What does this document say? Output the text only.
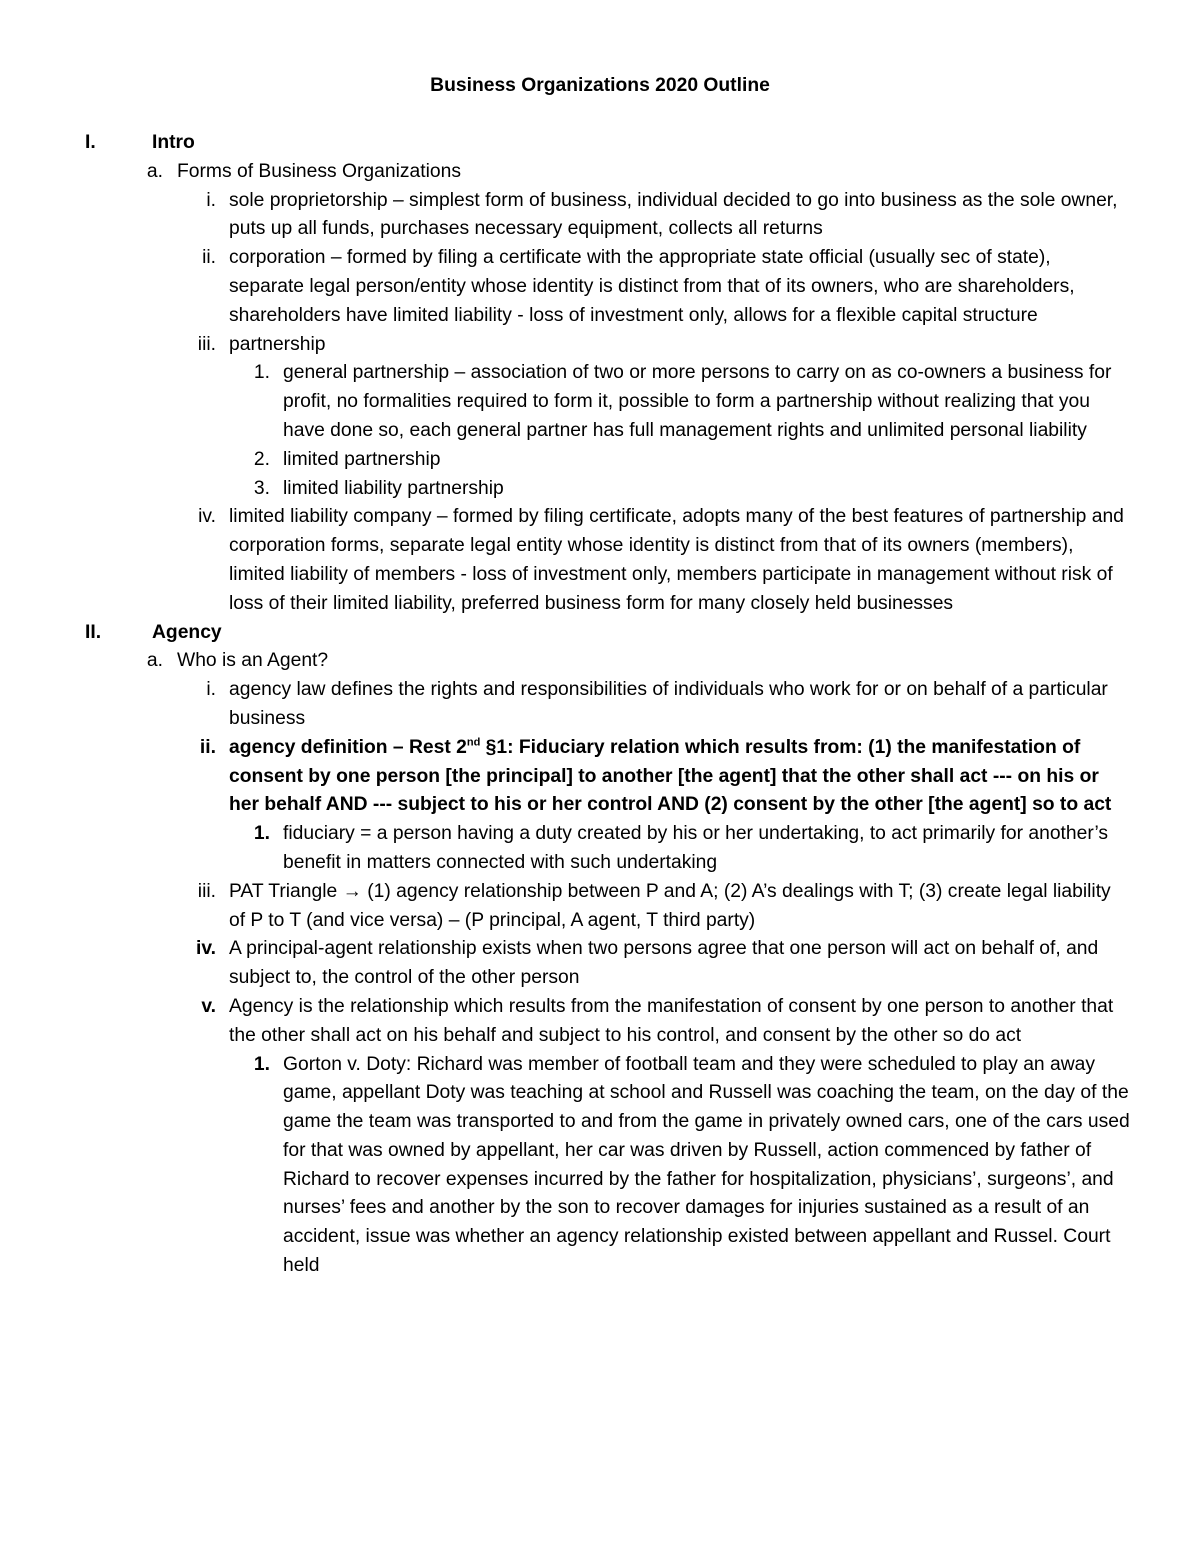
Business Organizations 2020 Outline
I.	Intro
a. Forms of Business Organizations
i. sole proprietorship – simplest form of business, individual decided to go into business as the sole owner, puts up all funds, purchases necessary equipment, collects all returns
ii. corporation – formed by filing a certificate with the appropriate state official (usually sec of state), separate legal person/entity whose identity is distinct from that of its owners, who are shareholders, shareholders have limited liability - loss of investment only, allows for a flexible capital structure
iii. partnership
1. general partnership – association of two or more persons to carry on as co-owners a business for profit, no formalities required to form it, possible to form a partnership without realizing that you have done so, each general partner has full management rights and unlimited personal liability
2. limited partnership
3. limited liability partnership
iv. limited liability company – formed by filing certificate, adopts many of the best features of partnership and corporation forms, separate legal entity whose identity is distinct from that of its owners (members), limited liability of members - loss of investment only, members participate in management without risk of loss of their limited liability, preferred business form for many closely held businesses
II.	Agency
a. Who is an Agent?
i. agency law defines the rights and responsibilities of individuals who work for or on behalf of a particular business
ii. agency definition – Rest 2nd §1: Fiduciary relation which results from: (1) the manifestation of consent by one person [the principal] to another [the agent] that the other shall act --- on his or her behalf AND --- subject to his or her control AND (2) consent by the other [the agent] so to act
1. fiduciary = a person having a duty created by his or her undertaking, to act primarily for another’s benefit in matters connected with such undertaking
iii. PAT Triangle → (1) agency relationship between P and A; (2) A’s dealings with T; (3) create legal liability of P to T (and vice versa) – (P principal, A agent, T third party)
iv. A principal-agent relationship exists when two persons agree that one person will act on behalf of, and subject to, the control of the other person
v. Agency is the relationship which results from the manifestation of consent by one person to another that the other shall act on his behalf and subject to his control, and consent by the other so do act
1. Gorton v. Doty: Richard was member of football team and they were scheduled to play an away game, appellant Doty was teaching at school and Russell was coaching the team, on the day of the game the team was transported to and from the game in privately owned cars, one of the cars used for that was owned by appellant, her car was driven by Russell, action commenced by father of Richard to recover expenses incurred by the father for hospitalization, physicians’, surgeons’, and nurses’ fees and another by the son to recover damages for injuries sustained as a result of an accident, issue was whether an agency relationship existed between appellant and Russel. Court held
